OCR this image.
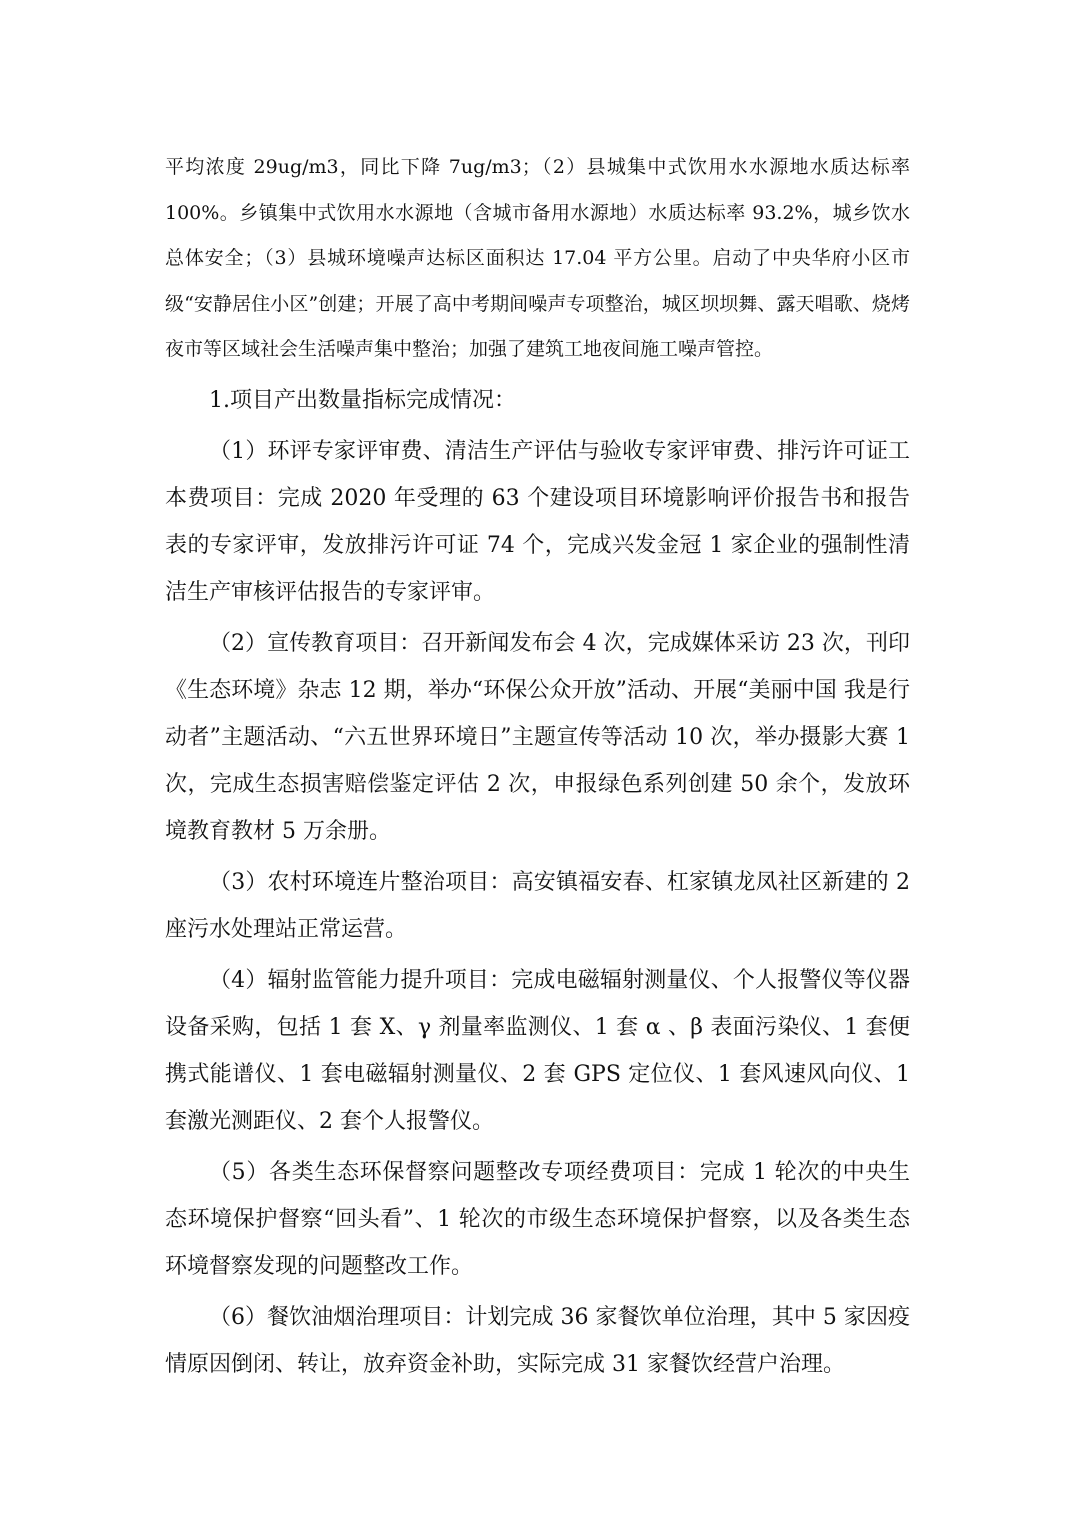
平均浓度 29ug/m3，同比下降 7ug/m3；（2）县城集中式饮用水水源地水质达标率 100%。乡镇集中式饮用水水源地（含城市备用水源地）水质达标率 93.2%，城乡饮水总体安全；（3）县城环境噪声达标区面积达 17.04 平方公里。启动了中央华府小区市级“安静居住小区”创建；开展了高中考期间噪声专项整治，城区坝坝舞、露天唱歌、烧烤夜市等区域社会生活噪声集中整治；加强了建筑工地夜间施工噪声管控。

1.项目产出数量指标完成情况：

（1）环评专家评审费、清洁生产评估与验收专家评审费、排污许可证工本费项目：完成 2020 年受理的 63 个建设项目环境影响评价报告书和报告表的专家评审，发放排污许可证 74 个，完成兴发金冠 1 家企业的强制性清洁生产审核评估报告的专家评审。

（2）宣传教育项目：召开新闻发布会 4 次，完成媒体采访 23 次，刊印《生态环境》杂志 12 期，举办“环保公众开放”活动、开展“美丽中国 我是行动者”主题活动、“六五世界环境日”主题宣传等活动 10 次，举办摄影大赛 1 次，完成生态损害赔偿鉴定评估 2 次，申报绿色系列创建 50 余个，发放环境教育教材 5 万余册。

（3）农村环境连片整治项目：高安镇福安春、杠家镇龙凤社区新建的 2 座污水处理站正常运营。

（4）辐射监管能力提升项目：完成电磁辐射测量仪、个人报警仪等仪器设备采购，包括 1 套 X、γ 剂量率监测仪、1 套 α 、β 表面污染仪、1 套便携式能谱仪、1 套电磁辐射测量仪、2 套 GPS 定位仪、1 套风速风向仪、1 套激光测距仪、2 套个人报警仪。

（5）各类生态环保督察问题整改专项经费项目：完成 1 轮次的中央生态环境保护督察“回头看”、1 轮次的市级生态环境保护督察，以及各类生态环境督察发现的问题整改工作。

（6）餐饮油烟治理项目：计划完成 36 家餐饮单位治理，其中 5 家因疫情原因倒闭、转让，放弃资金补助，实际完成 31 家餐饮经营户治理。
